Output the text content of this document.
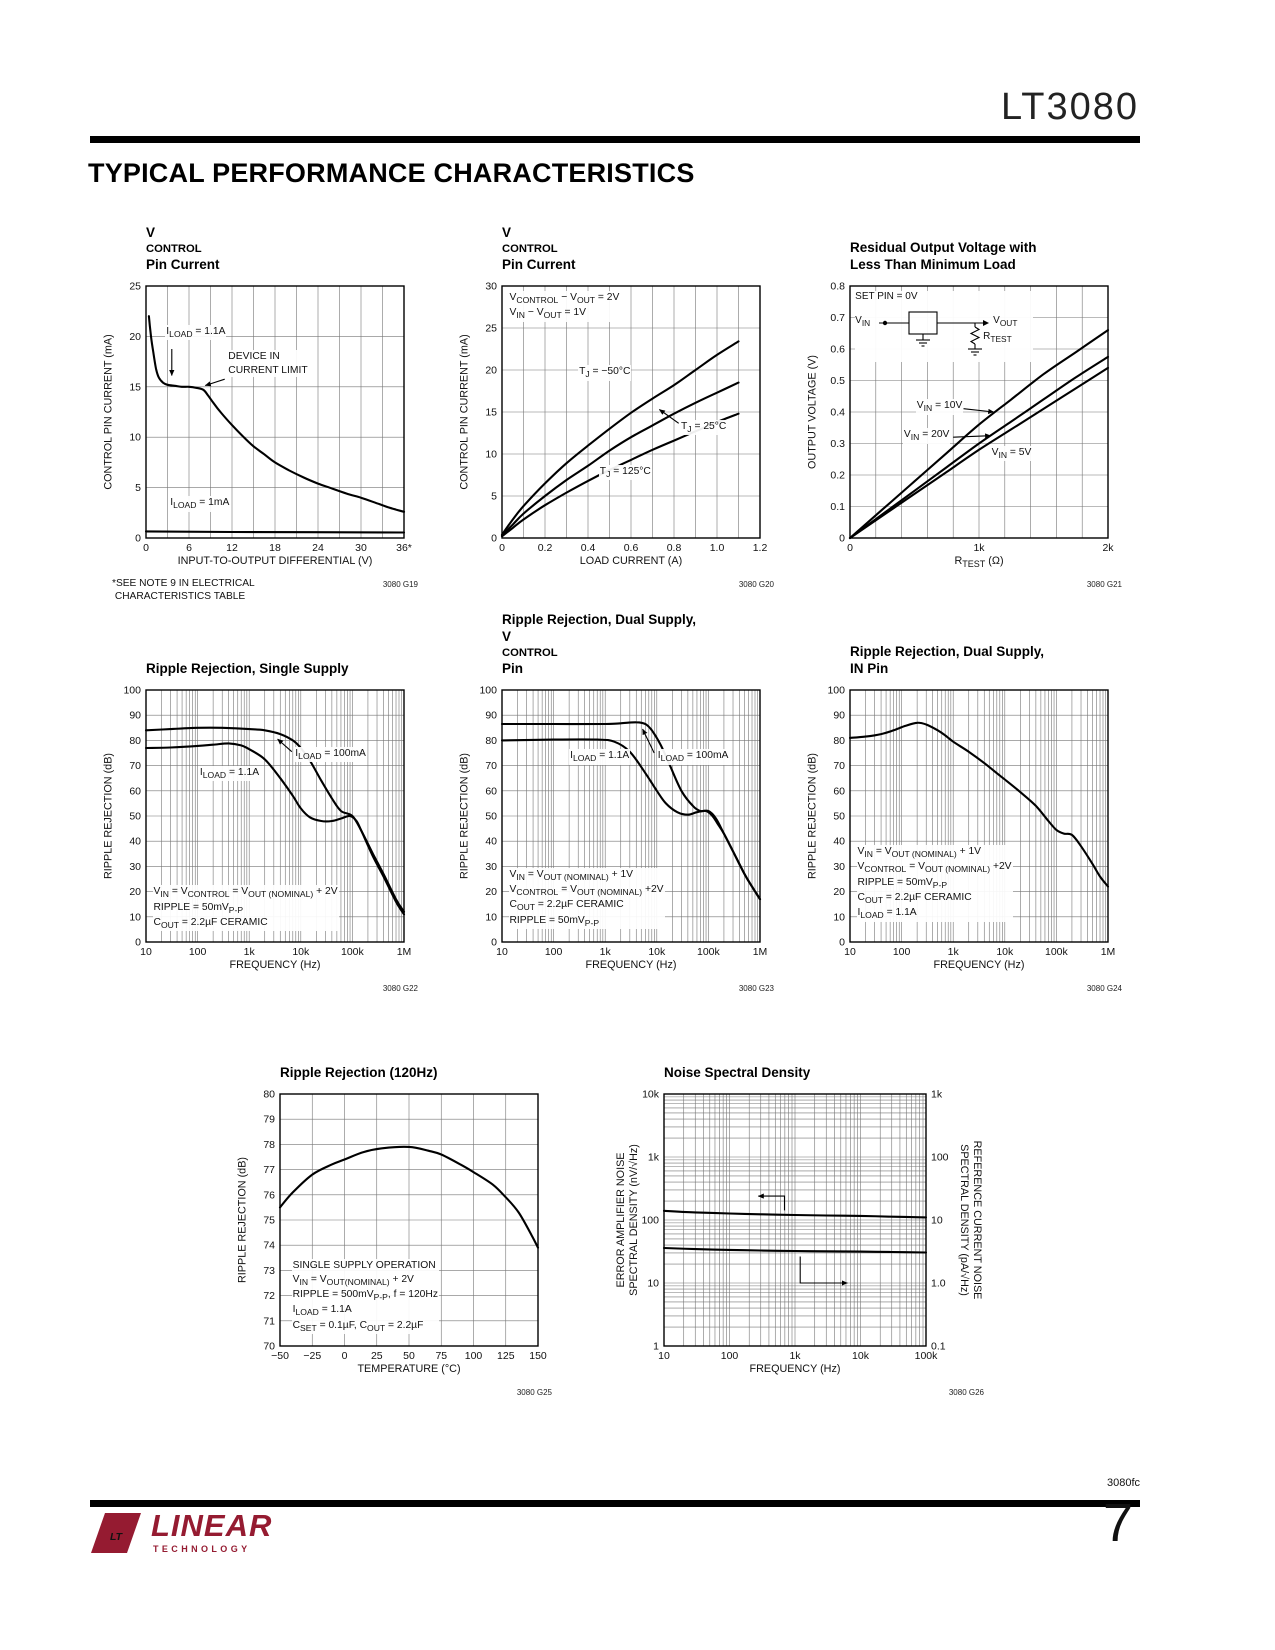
LT3080
TYPICAL PERFORMANCE CHARACTERISTICS
V
CONTROL
Pin Current
0	6	12	18	24	30	36*
0
5
10
15
20
25
$I_{LOAD} = 1.1A$
DEVICE IN
CURRENT LIMIT
$I_{LOAD} = 1mA$
INPUT-TO-OUTPUT DIFFERENTIAL (V)
CONTROL PIN CURRENT (mA)
*SEE NOTE 9 IN ELECTRICAL
CHARACTERISTICS TABLE
3080 G19
V
CONTROL
Pin Current
0	0.2	0.4	0.6	0.8	1.0	1.2
0
5
10
15
20
25
30
$V_{CONTROL} - V_{OUT} = 2V$
$V_{IN} - V_{OUT} = 1V$
$T_J = -50^\circ C$
$T_J = 25^\circ C$
$T_J = 125^\circ C$
LOAD CURRENT (A)
CONTROL PIN CURRENT (mA)
3080 G20
Residual Output Voltage with
Less Than Minimum Load
0	1k	2k
0
0.1
0.2
0.3
0.4
0.5
0.6
0.7
0.8
$V_{IN} = 10V$
$V_{IN} = 20V$
$V_{IN} = 5V$
$R_{TEST}$ (Ω)
OUTPUT VOLTAGE (V)
SET PIN = 0V
$V_{IN}$	$V_{OUT}$
$R_{TEST}$
3080 G21
Ripple Rejection, Single Supply
10	100	1k	10k	100k	1M
0
10
20
30
40
50
60
70
80
90
100
$I_{LOAD} = 100mA$
$I_{LOAD} = 1.1A$
$V_{IN} = V_{CONTROL} = V_{OUT (NOMINAL)} + 2V$
RIPPLE = $50mV_{P-P}$
$C_{OUT} = 2.2\mu F$ CERAMIC
FREQUENCY (Hz)
RIPPLE REJECTION (dB)
3080 G22
Ripple Rejection, Dual Supply,
V
CONTROL
Pin
10	100	1k	10k	100k	1M
0
10
20
30
40
50
60
70
80
90
100
$I_{LOAD} = 100mA$
$I_{LOAD} = 1.1A$
$V_{IN} = V_{OUT (NOMINAL)} + 1V$
$V_{CONTROL} = V_{OUT (NOMINAL)} +2V$
$C_{OUT} = 2.2\mu F$ CERAMIC
RIPPLE = $50mV_{P-P}$
FREQUENCY (Hz)
RIPPLE REJECTION (dB)
3080 G23
Ripple Rejection, Dual Supply,
IN Pin
10	100	1k	10k	100k	1M
0
10
20
30
40
50
60
70
80
90
100
$V_{IN} = V_{OUT (NOMINAL)} + 1V$
$V_{CONTROL} = V_{OUT (NOMINAL)} +2V$
RIPPLE = $50mV_{P-P}$
$C_{OUT} = 2.2\mu F$ CERAMIC
$I_{LOAD} = 1.1A$
FREQUENCY (Hz)
RIPPLE REJECTION (dB)
3080 G24
Ripple Rejection (120Hz)
−50 −25 0 25 50 75 100 125 150
70
71
72
73
74
75
76
77
78
79
80
SINGLE SUPPLY OPERATION
$V_{IN} = V_{OUT(NOMINAL)} + 2V$
RIPPLE = $500mV_{P-P}$, f = 120Hz
$I_{LOAD} = 1.1A$
$C_{SET} = 0.1\mu F$, $C_{OUT} = 2.2\mu F$
TEMPERATURE (°C)
RIPPLE REJECTION (dB)
3080 G25
Noise Spectral Density
10	100	1k	10k	100k
1
10
100
1k
10k
0.1
1.0
10
100
1k
FREQUENCY (Hz)
ERROR AMPLIFIER NOISE
SPECTRAL DENSITY (nV/√Hz)	REFERENCE CURRENT NOISE
SPECTRAL DENSITY (pA/√Hz)
3080 G26
3080fc
LT LINEAR
TECHNOLOGY	7
